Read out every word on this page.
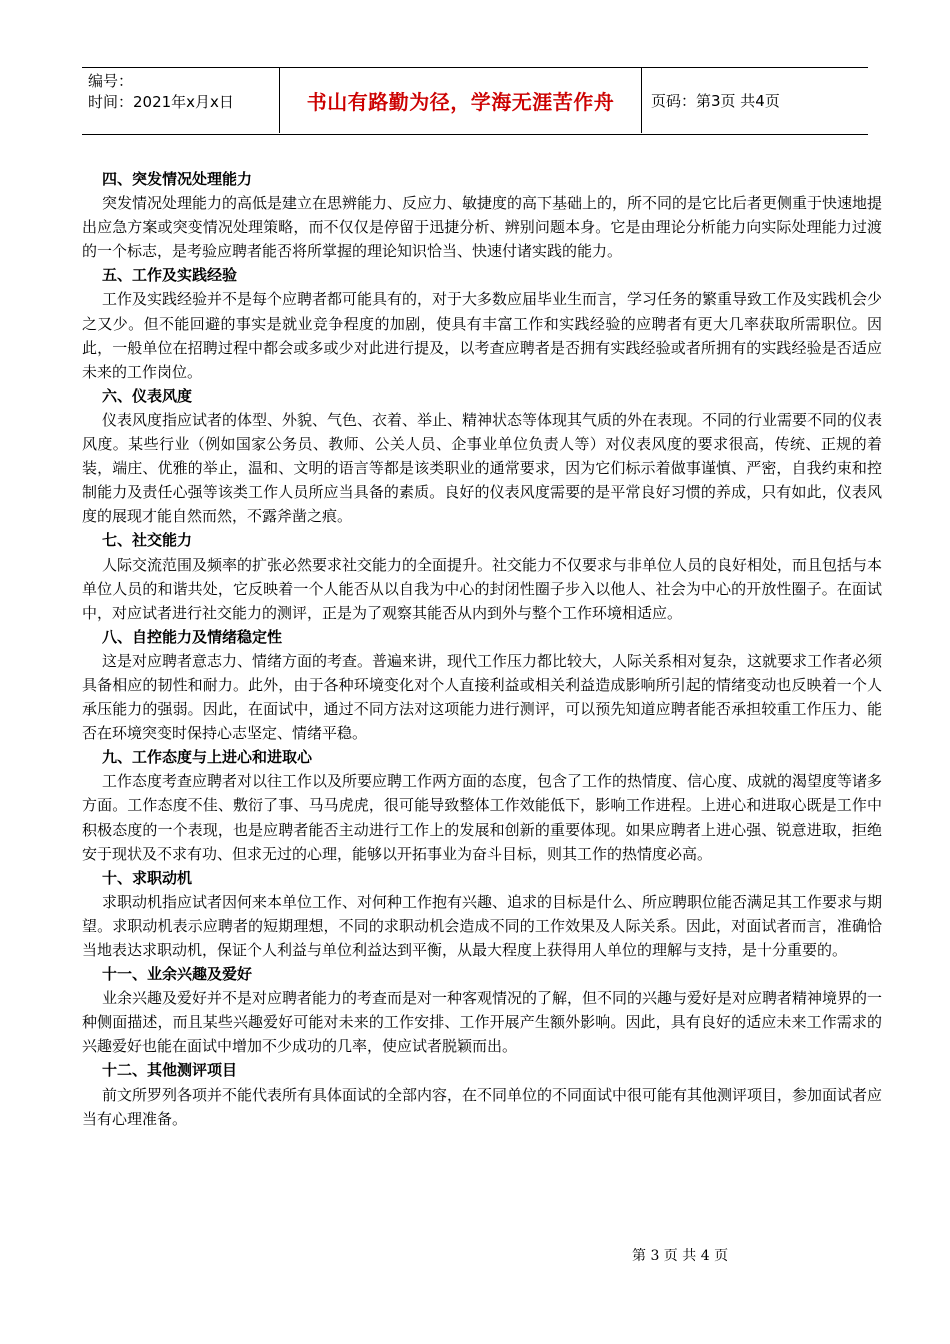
编号：
时间：2021年x月x日	书山有路勤为径，学海无涯苦作舟	页码：第3页 共4页
四、突发情况处理能力

突发情况处理能力的高低是建立在思辨能力、反应力、敏捷度的高下基础上的，所不同的是它比后者更侧重于快速地提出应急方案或突变情况处理策略，而不仅仅是停留于迅捷分析、辨别问题本身。它是由理论分析能力向实际处理能力过渡的一个标志，是考验应聘者能否将所掌握的理论知识恰当、快速付诸实践的能力。

五、工作及实践经验

工作及实践经验并不是每个应聘者都可能具有的，对于大多数应届毕业生而言，学习任务的繁重导致工作及实践机会少之又少。但不能回避的事实是就业竞争程度的加剧，使具有丰富工作和实践经验的应聘者有更大几率获取所需职位。因此，一般单位在招聘过程中都会或多或少对此进行提及，以考查应聘者是否拥有实践经验或者所拥有的实践经验是否适应未来的工作岗位。

六、仪表风度

仪表风度指应试者的体型、外貌、气色、衣着、举止、精神状态等体现其气质的外在表现。不同的行业需要不同的仪表风度。某些行业（例如国家公务员、教师、公关人员、企事业单位负责人等）对仪表风度的要求很高，传统、正规的着装，端庄、优雅的举止，温和、文明的语言等都是该类职业的通常要求，因为它们标示着做事谨慎、严密，自我约束和控制能力及责任心强等该类工作人员所应当具备的素质。良好的仪表风度需要的是平常良好习惯的养成，只有如此，仪表风度的展现才能自然而然，不露斧凿之痕。

七、社交能力

人际交流范围及频率的扩张必然要求社交能力的全面提升。社交能力不仅要求与非单位人员的良好相处，而且包括与本单位人员的和谐共处，它反映着一个人能否从以自我为中心的封闭性圈子步入以他人、社会为中心的开放性圈子。在面试中，对应试者进行社交能力的测评，正是为了观察其能否从内到外与整个工作环境相适应。

八、自控能力及情绪稳定性

这是对应聘者意志力、情绪方面的考查。普遍来讲，现代工作压力都比较大，人际关系相对复杂，这就要求工作者必须具备相应的韧性和耐力。此外，由于各种环境变化对个人直接利益或相关利益造成影响所引起的情绪变动也反映着一个人承压能力的强弱。因此，在面试中，通过不同方法对这项能力进行测评，可以预先知道应聘者能否承担较重工作压力、能否在环境突变时保持心志坚定、情绪平稳。

九、工作态度与上进心和进取心

工作态度考查应聘者对以往工作以及所要应聘工作两方面的态度，包含了工作的热情度、信心度、成就的渴望度等诸多方面。工作态度不佳、敷衍了事、马马虎虎，很可能导致整体工作效能低下，影响工作进程。上进心和进取心既是工作中积极态度的一个表现，也是应聘者能否主动进行工作上的发展和创新的重要体现。如果应聘者上进心强、锐意进取，拒绝安于现状及不求有功、但求无过的心理，能够以开拓事业为奋斗目标，则其工作的热情度必高。

十、求职动机

求职动机指应试者因何来本单位工作、对何种工作抱有兴趣、追求的目标是什么、所应聘职位能否满足其工作要求与期望。求职动机表示应聘者的短期理想，不同的求职动机会造成不同的工作效果及人际关系。因此，对面试者而言，准确恰当地表达求职动机，保证个人利益与单位利益达到平衡，从最大程度上获得用人单位的理解与支持，是十分重要的。

十一、业余兴趣及爱好

业余兴趣及爱好并不是对应聘者能力的考查而是对一种客观情况的了解，但不同的兴趣与爱好是对应聘者精神境界的一种侧面描述，而且某些兴趣爱好可能对未来的工作安排、工作开展产生额外影响。因此，具有良好的适应未来工作需求的兴趣爱好也能在面试中增加不少成功的几率，使应试者脱颖而出。

十二、其他测评项目

前文所罗列各项并不能代表所有具体面试的全部内容，在不同单位的不同面试中很可能有其他测评项目，参加面试者应当有心理准备。

第 3 页 共 4 页
